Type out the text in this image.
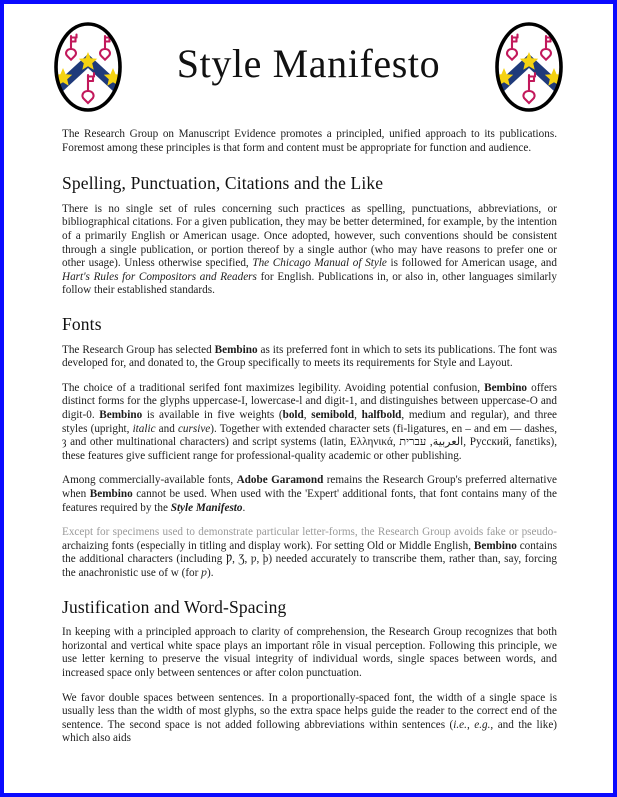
Style Manifesto

The Research Group on Manuscript Evidence promotes a principled, unified approach to its publications. Foremost among these principles is that form and content must be appropriate for function and audience.

Spelling, Punctuation, Citations and the Like

There is no single set of rules concerning such practices as spelling, punctuations, abbreviations, or bibliographical citations. For a given publication, they may be better determined, for example, by the intention of a primarily English or American usage. Once adopted, however, such conventions should be consistent through a single publication, or portion thereof by a single author (who may have reasons to prefer one or other usage). Unless otherwise specified, The Chicago Manual of Style is followed for American usage, and Hart's Rules for Compositors and Readers for English. Publications in, or also in, other languages similarly follow their established standards.

Fonts

The Research Group has selected Bembino as its preferred font in which to sets its publications. The font was developed for, and donated to, the Group specifically to meets its requirements for Style and Layout.

The choice of a traditional serifed font maximizes legibility. Avoiding potential confusion, Bembino offers distinct forms for the glyphs uppercase-I, lowercase-l and digit-1, and distinguishes between uppercase-O and digit-0. Bembino is available in five weights (bold, semibold, halfbold, medium and regular), and three styles (upright, italic and cursive). Together with extended character sets (fi-ligatures, en – and em — dashes, ȝ and other multinational characters) and script systems (latin, Ελληνικά, العربية, עברית, Русский, fanɛtiks), these features give sufficient range for professional-quality academic or other publishing.

Among commercially-available fonts, Adobe Garamond remains the Research Group's preferred alternative when Bembino cannot be used. When used with the 'Expert' additional fonts, that font contains many of the features required by the Style Manifesto.

Except for specimens used to demonstrate particular letter-forms, the Research Group avoids fake or pseudo-archaizing fonts (especially in titling and display work). For setting Old or Middle English, Bembino contains the additional characters (including Ƿ, Ʒ, ƿ, þ) needed accurately to transcribe them, rather than, say, forcing the anachronistic use of w (for ƿ).

Justification and Word-Spacing

In keeping with a principled approach to clarity of comprehension, the Research Group recognizes that both horizontal and vertical white space plays an important rôle in visual perception. Following this principle, we use letter kerning to preserve the visual integrity of individual words, single spaces between words, and increased space only between sentences or after colon punctuation.

We favor double spaces between sentences. In a proportionally-spaced font, the width of a single space is usually less than the width of most glyphs, so the extra space helps guide the reader to the correct end of the sentence. The second space is not added following abbreviations within sentences (i.e., e.g., and the like) which also aids
